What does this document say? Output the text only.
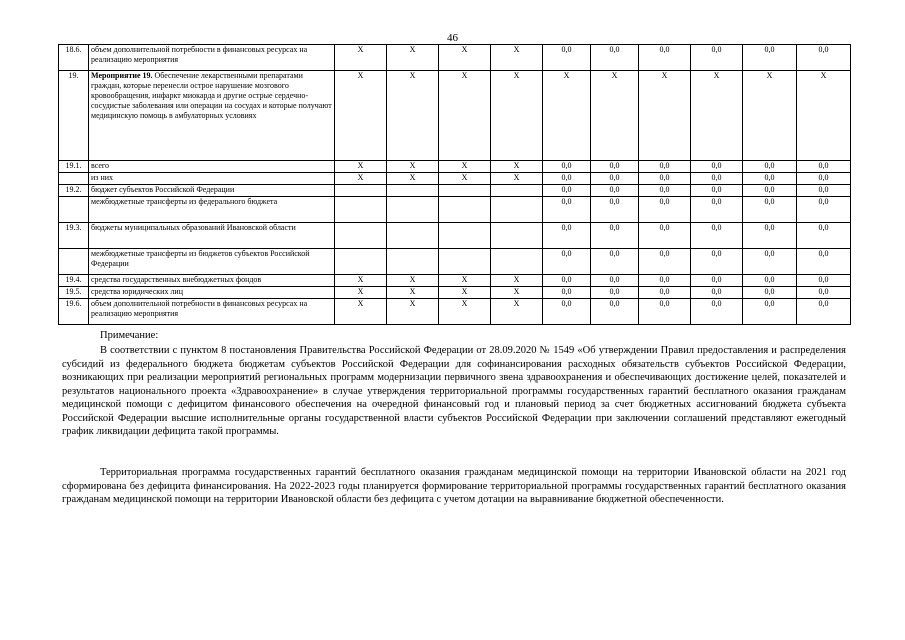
46
18.6.	объем дополнительной потребности в финансовых ресурсах на реализацию мероприятия	X	X	X	X	0,0	0,0	0,0	0,0	0,0	0,0
19.	Мероприятие 19. Обеспечение лекарственными препаратами граждан, которые перенесли острое нарушение мозгового кровообращения, инфаркт миокарда и другие острые сердечно-сосудистые заболевания или операции на сосудах и которые получают медицинскую помощь в амбулаторных условиях	X	X	X	X	X	X	X	X	X	X
19.1.	всего	X	X	X	X	0,0	0,0	0,0	0,0	0,0	0,0
	из них	X	X	X	X	0,0	0,0	0,0	0,0	0,0	0,0
19.2.	бюджет субъектов Российской Федерации					0,0	0,0	0,0	0,0	0,0	0,0
	межбюджетные трансферты из федерального бюджета					0,0	0,0	0,0	0,0	0,0	0,0
19.3.	бюджеты муниципальных образований Ивановской области					0,0	0,0	0,0	0,0	0,0	0,0
	межбюджетные трансферты из бюджетов субъектов Российской Федерации					0,0	0,0	0,0	0,0	0,0	0,0
19.4.	средства государственных внебюджетных фондов	X	X	X	X	0,0	0,0	0,0	0,0	0,0	0,0
19.5.	средства юридических лиц	X	X	X	X	0,0	0,0	0,0	0,0	0,0	0,0
19.6.	объем дополнительной потребности в финансовых ресурсах на реализацию мероприятия	X	X	X	X	0,0	0,0	0,0	0,0	0,0	0,0

Примечание:

В соответствии с пунктом 8 постановления Правительства Российской Федерации от 28.09.2020 № 1549 «Об утверждении Правил предоставления и распределения субсидий из федерального бюджета бюджетам субъектов Российской Федерации для софинансирования расходных обязательств субъектов Российской Федерации, возникающих при реализации мероприятий региональных программ модернизации первичного звена здравоохранения и обеспечивающих достижение целей, показателей и результатов национального проекта «Здравоохранение» в случае утверждения территориальной программы государственных гарантий бесплатного оказания гражданам медицинской помощи с дефицитом финансового обеспечения на очередной финансовый год и плановый период за счет бюджетных ассигнований бюджета субъекта Российской Федерации высшие исполнительные органы государственной власти субъектов Российской Федерации при заключении соглашений представляют ежегодный график ликвидации дефицита такой программы.

Территориальная программа государственных гарантий бесплатного оказания гражданам медицинской помощи на территории Ивановской области на 2021 год сформирована без дефицита финансирования. На 2022-2023 годы планируется формирование территориальной программы государственных гарантий бесплатного оказания гражданам медицинской помощи на территории Ивановской области без дефицита с учетом дотации на выравнивание бюджетной обеспеченности.
